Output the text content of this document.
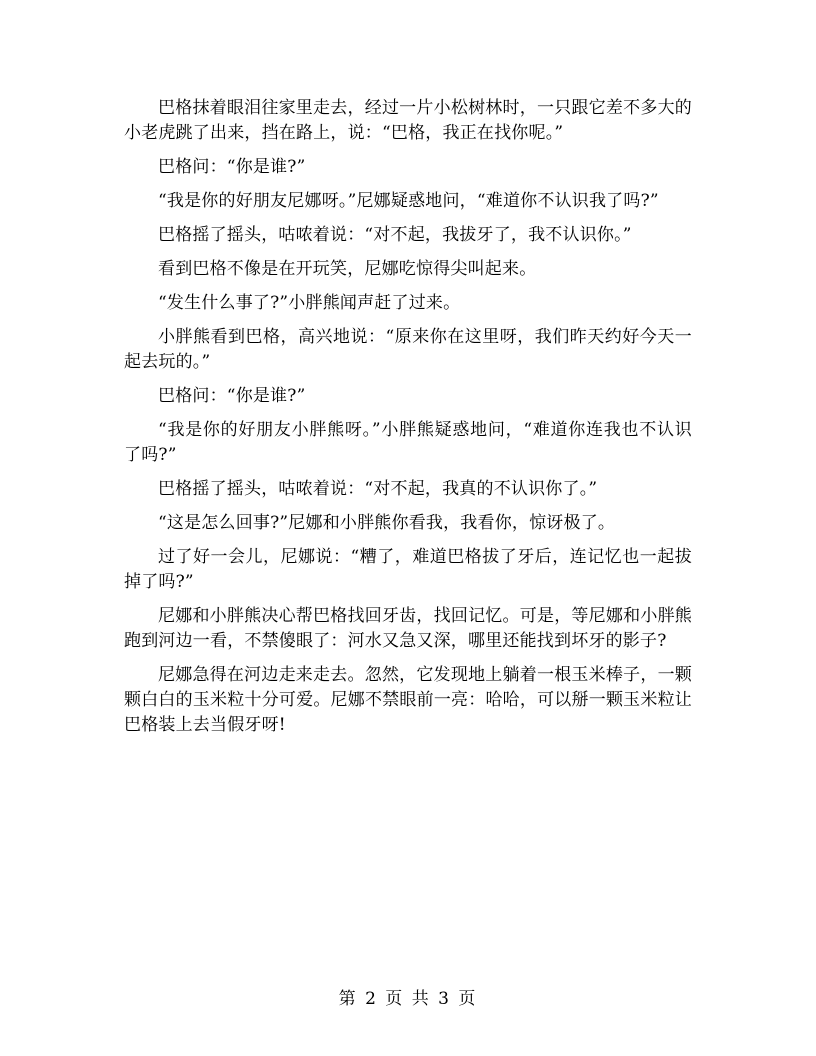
巴格抹着眼泪往家里走去，经过一片小松树林时，一只跟它差不多大的小老虎跳了出来，挡在路上，说：“巴格，我正在找你呢。”

巴格问：“你是谁?”

“我是你的好朋友尼娜呀。”尼娜疑惑地问，“难道你不认识我了吗?”

巴格摇了摇头，咕哝着说：“对不起，我拔牙了，我不认识你。”

看到巴格不像是在开玩笑，尼娜吃惊得尖叫起来。

“发生什么事了?”小胖熊闻声赶了过来。

小胖熊看到巴格，高兴地说：“原来你在这里呀，我们昨天约好今天一起去玩的。”

巴格问：“你是谁?”

“我是你的好朋友小胖熊呀。”小胖熊疑惑地问，“难道你连我也不认识了吗?”

巴格摇了摇头，咕哝着说：“对不起，我真的不认识你了。”

“这是怎么回事?”尼娜和小胖熊你看我，我看你，惊讶极了。

过了好一会儿，尼娜说：“糟了，难道巴格拔了牙后，连记忆也一起拔掉了吗?”

尼娜和小胖熊决心帮巴格找回牙齿，找回记忆。可是，等尼娜和小胖熊跑到河边一看，不禁傻眼了：河水又急又深，哪里还能找到坏牙的影子?

尼娜急得在河边走来走去。忽然，它发现地上躺着一根玉米棒子，一颗颗白白的玉米粒十分可爱。尼娜不禁眼前一亮：哈哈，可以掰一颗玉米粒让巴格装上去当假牙呀!

第 2 页 共 3 页
